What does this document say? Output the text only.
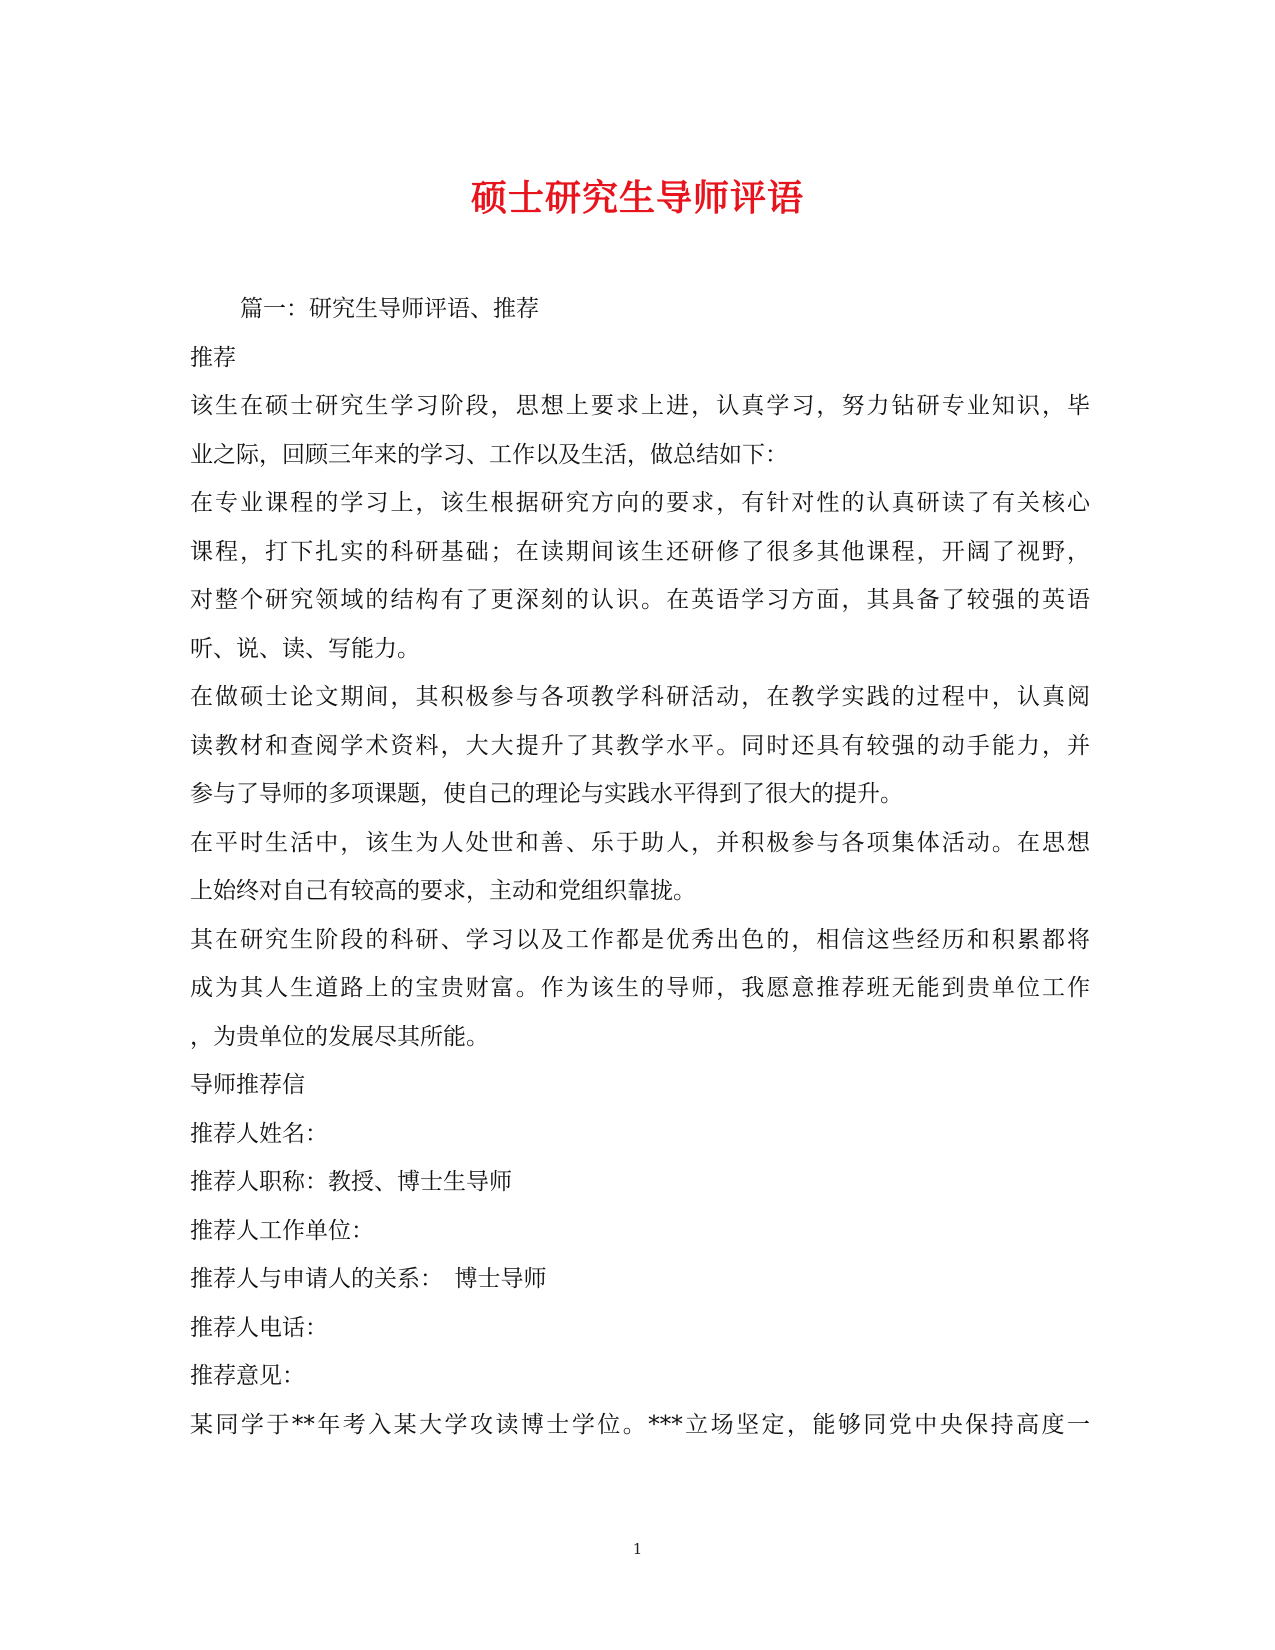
硕士研究生导师评语
篇一：研究生导师评语、推荐
推荐
该生在硕士研究生学习阶段，思想上要求上进，认真学习，努力钻研专业知识，毕
业之际，回顾三年来的学习、工作以及生活，做总结如下：
在专业课程的学习上，该生根据研究方向的要求，有针对性的认真研读了有关核心
课程，打下扎实的科研基础；在读期间该生还研修了很多其他课程，开阔了视野，
对整个研究领域的结构有了更深刻的认识。在英语学习方面，其具备了较强的英语
听、说、读、写能力。
在做硕士论文期间，其积极参与各项教学科研活动，在教学实践的过程中，认真阅
读教材和查阅学术资料，大大提升了其教学水平。同时还具有较强的动手能力，并
参与了导师的多项课题，使自己的理论与实践水平得到了很大的提升。
在平时生活中，该生为人处世和善、乐于助人，并积极参与各项集体活动。在思想
上始终对自己有较高的要求，主动和党组织靠拢。
其在研究生阶段的科研、学习以及工作都是优秀出色的，相信这些经历和积累都将
成为其人生道路上的宝贵财富。作为该生的导师，我愿意推荐班无能到贵单位工作
，为贵单位的发展尽其所能。
导师推荐信
推荐人姓名：
推荐人职称：教授、博士生导师
推荐人工作单位：
推荐人与申请人的关系：　博士导师
推荐人电话：
推荐意见：
某同学于**年考入某大学攻读博士学位。***立场坚定，能够同党中央保持高度一
1
